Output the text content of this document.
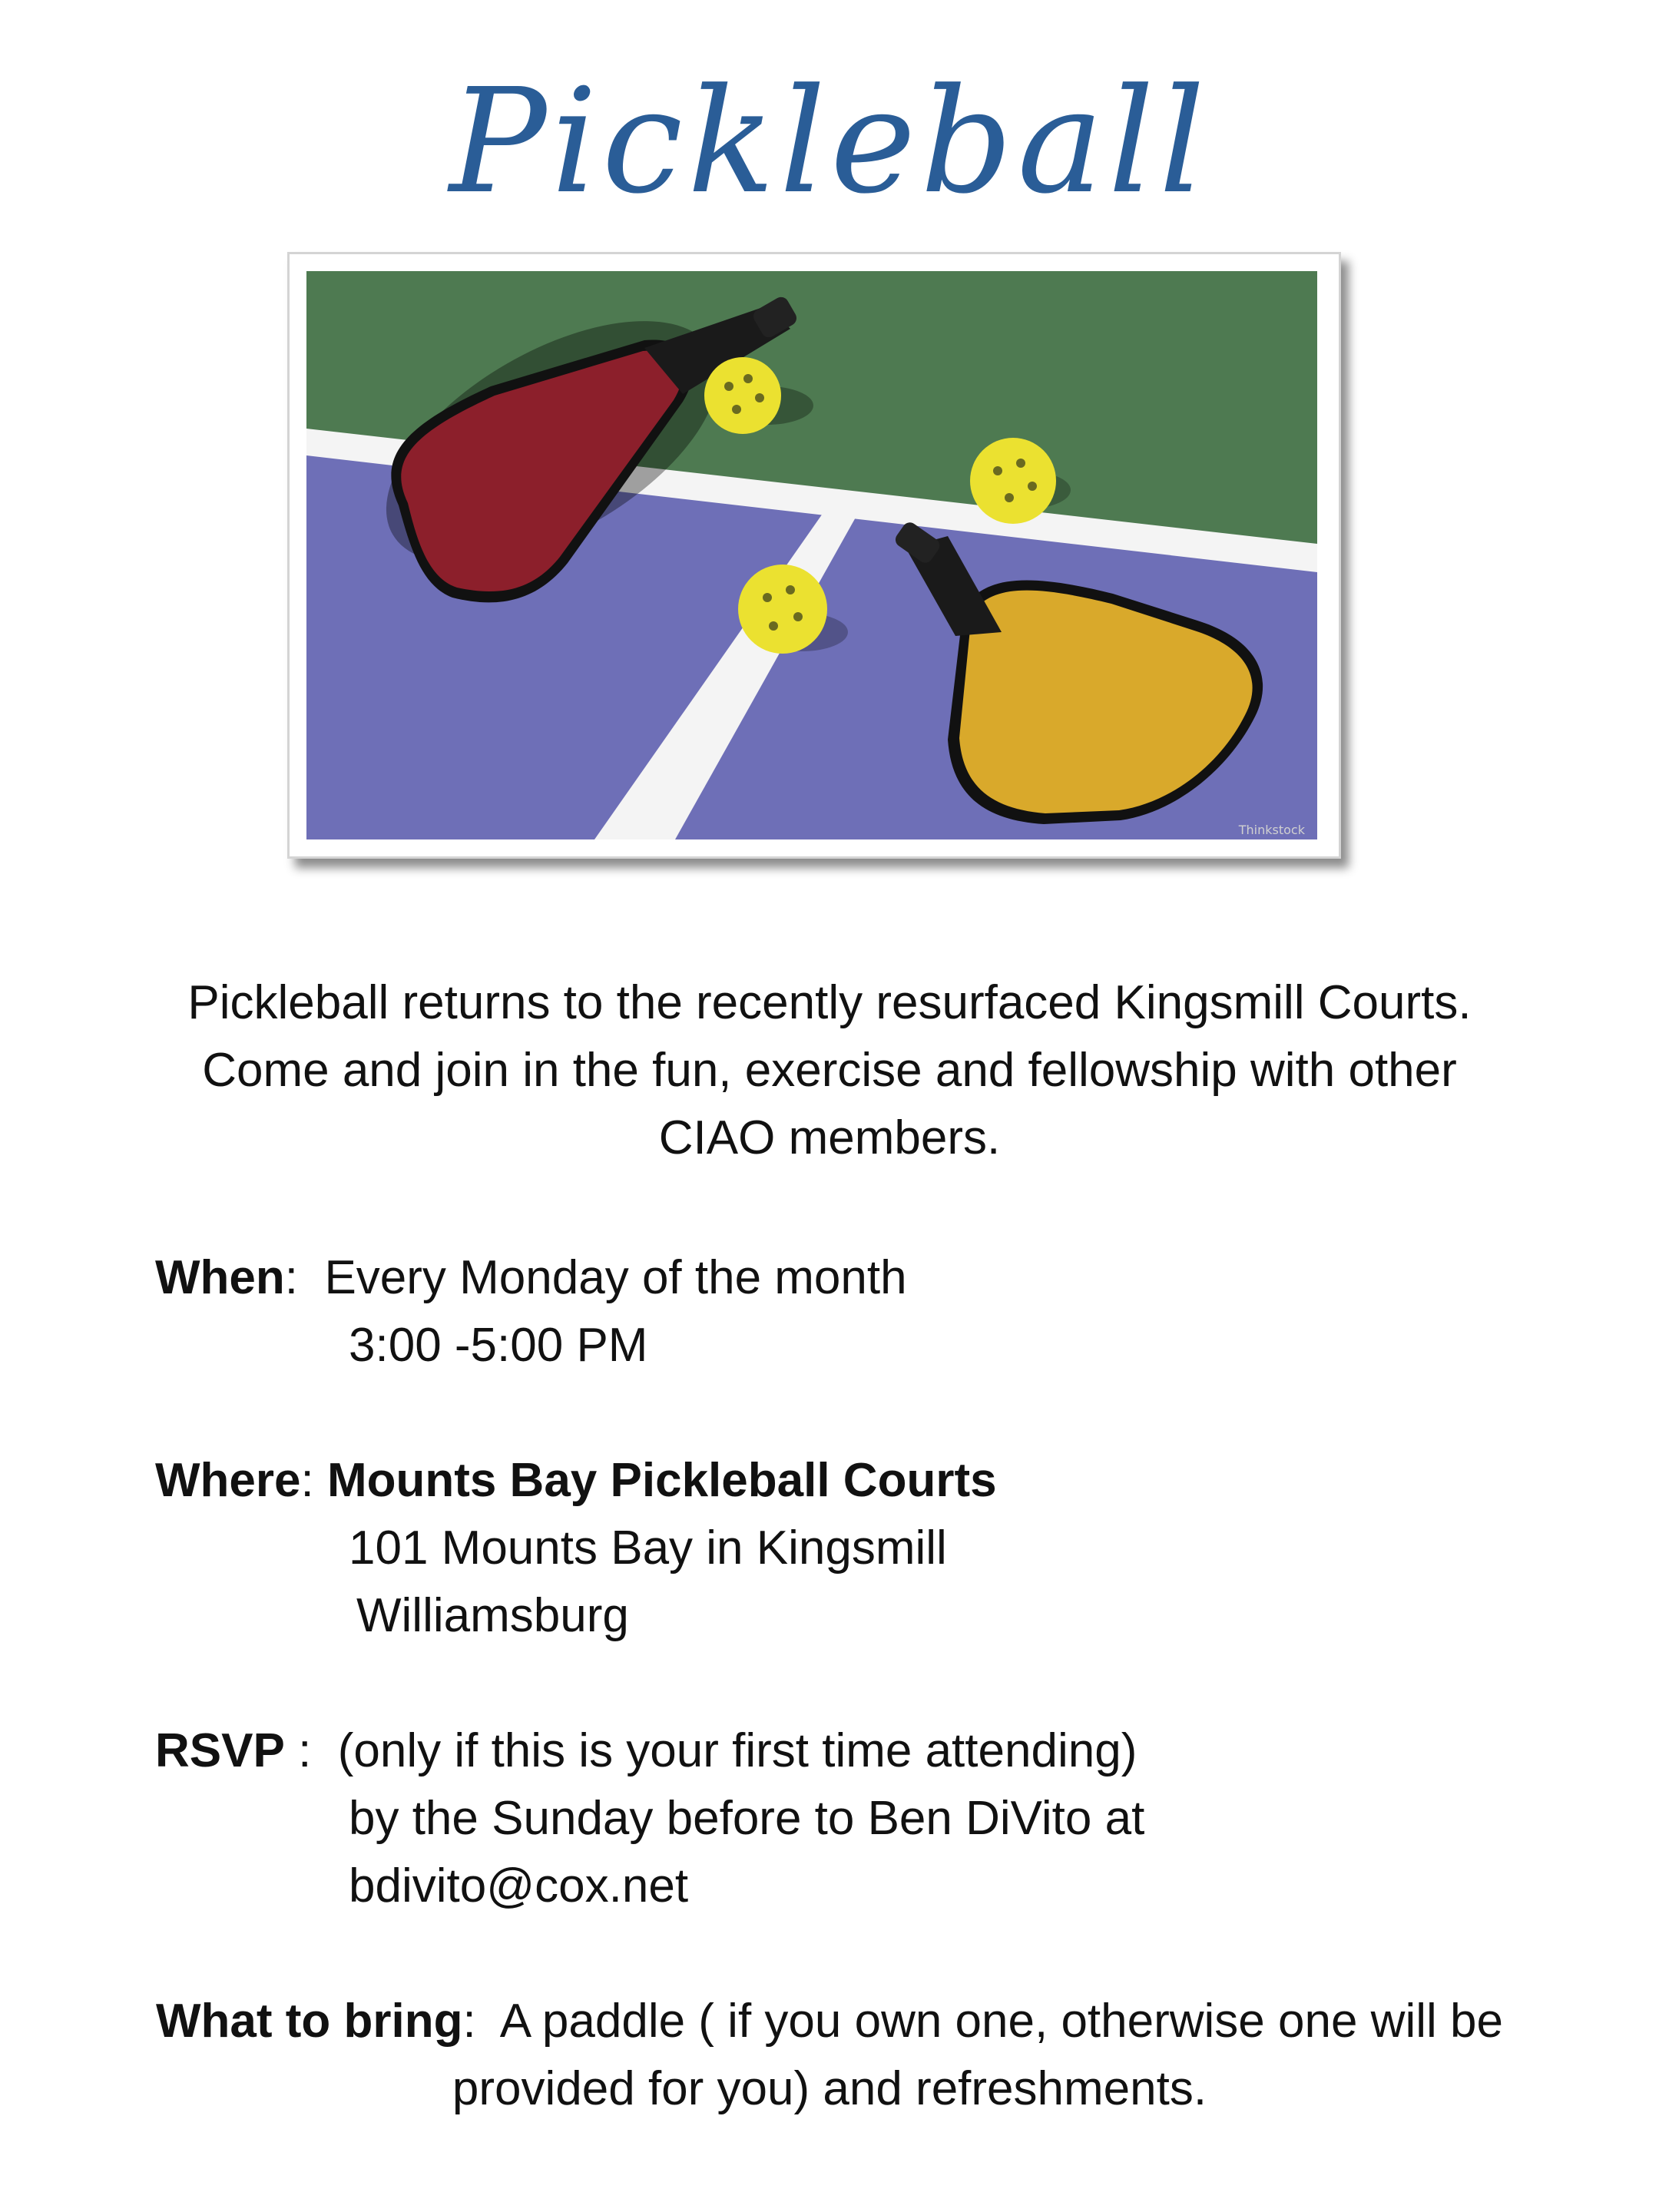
Pickleball
Thinkstock
Pickleball returns to the recently resurfaced Kingsmill Courts.
Come and join in the fun, exercise and fellowship with other
CIAO members.
When:  Every Monday of the month
3:00 -5:00 PM
Where: Mounts Bay Pickleball Courts
101 Mounts Bay in Kingsmill
Williamsburg
RSVP :  (only if this is your first time attending)
by the Sunday before to Ben DiVito at
bdivito@cox.net
What to bring:  A paddle ( if you own one, otherwise one will be
provided for you) and refreshments.
